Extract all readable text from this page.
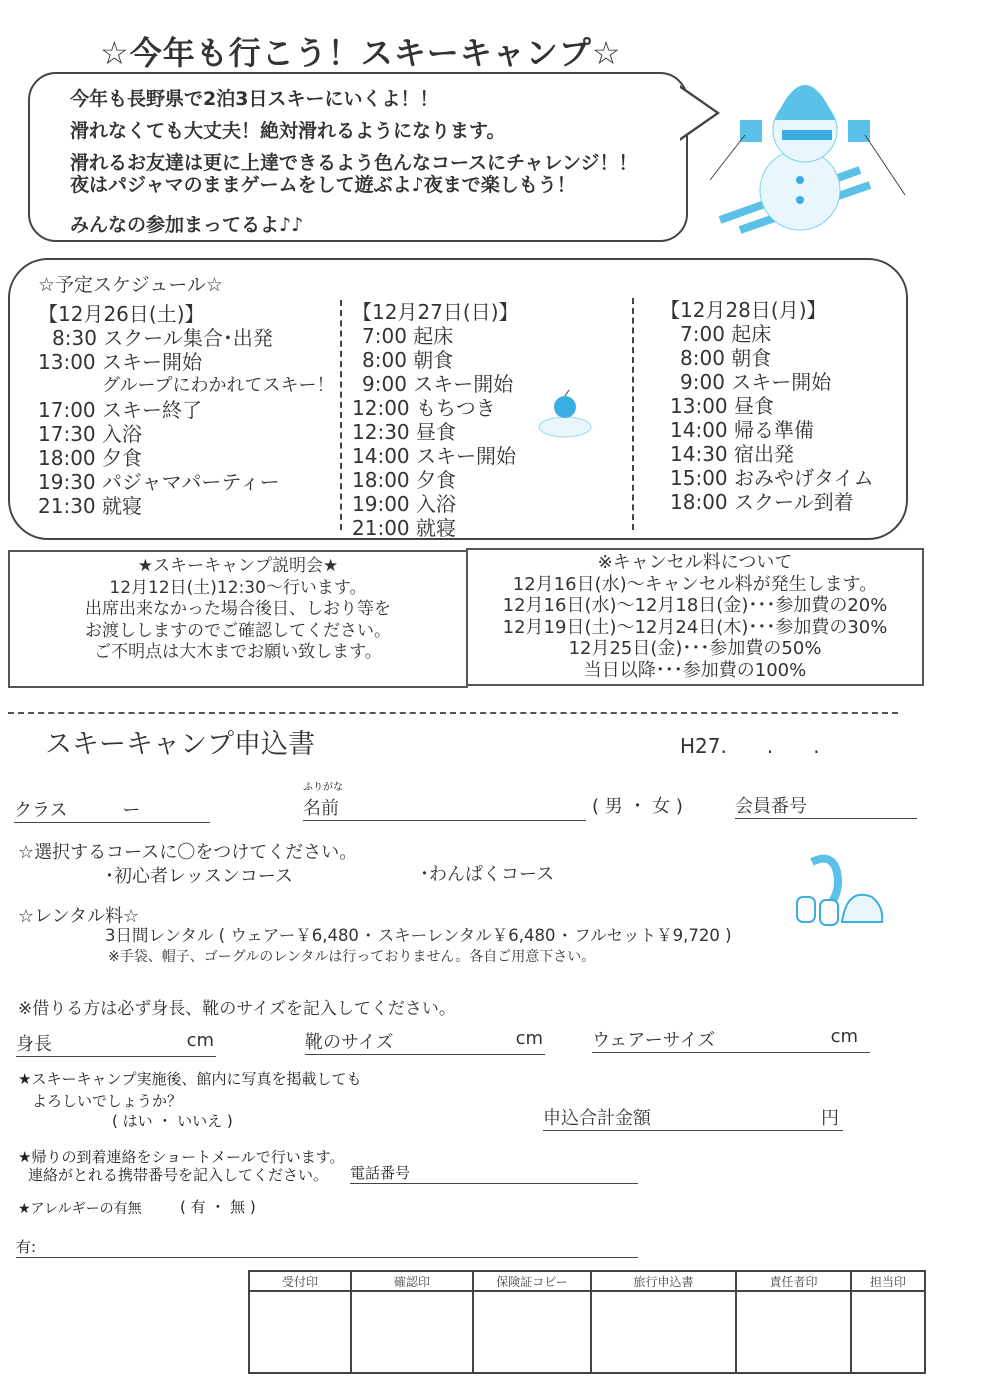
☆今年も行こう！スキーキャンプ☆
今年も長野県で2泊3日スキーにいくよ！！
滑れなくても大丈夫！絶対滑れるようになります。
滑れるお友達は更に上達できるよう色んなコースにチャレンジ！！
夜はパジャマのままゲームをして遊ぶよ♪夜まで楽しもう！
みんなの参加まってるよ♪♪
☆予定スケジュール☆
【12月26日(土)】
8:30 スクール集合･出発
13:00 スキー開始
グループにわかれてスキー！
17:00 スキー終了
17:30 入浴
18:00 夕食
19:30 パジャマパーティー
21:30 就寝
【12月27日(日)】
7:00 起床
8:00 朝食
9:00 スキー開始
12:00 もちつき
12:30 昼食
14:00 スキー開始
18:00 夕食
19:00 入浴
21:00 就寝
【12月28日(月)】
7:00 起床
8:00 朝食
9:00 スキー開始
13:00 昼食
14:00 帰る準備
14:30 宿出発
15:00 おみやげタイム
18:00 スクール到着
★スキーキャンプ説明会★
12月12日(土)12:30～行います。
出席出来なかった場合後日、しおり等を
お渡ししますのでご確認してください。
ご不明点は大木までお願い致します。
※キャンセル料について
12月16日(水)～キャンセル料が発生します。
12月16日(水)～12月18日(金)･･･参加費の20%
12月19日(土)～12月24日(木)･･･参加費の30%
12月25日(金)･･･参加費の50%
当日以降･･･参加費の100%
スキーキャンプ申込書	H27.　　.　　.
クラス	ー
ふりがな
名前	( 男 ・ 女 )	会員番号
☆選択するコースに〇をつけてください。
･初心者レッスンコース	･わんぱくコース
☆レンタル料☆
3日間レンタル ( ウェアー￥6,480 ･ スキーレンタル￥6,480 ･ フルセット￥9,720 )
※手袋、帽子、ゴーグルのレンタルは行っておりません。各自ご用意下さい。
※借りる方は必ず身長、靴のサイズを記入してください。
身長	cm	靴のサイズ	cm	ウェアーサイズ	cm
★スキーキャンプ実施後、館内に写真を掲載しても
よろしいでしょうか？
( はい ・ いいえ )	申込合計金額	円
★帰りの到着連絡をショートメールで行います。
連絡がとれる携帯番号を記入してください。 電話番号
★アレルギーの有無	( 有 ・ 無 )
有:
受付印	確認印	保険証コピー	旅行申込書	責任者印	担当印
